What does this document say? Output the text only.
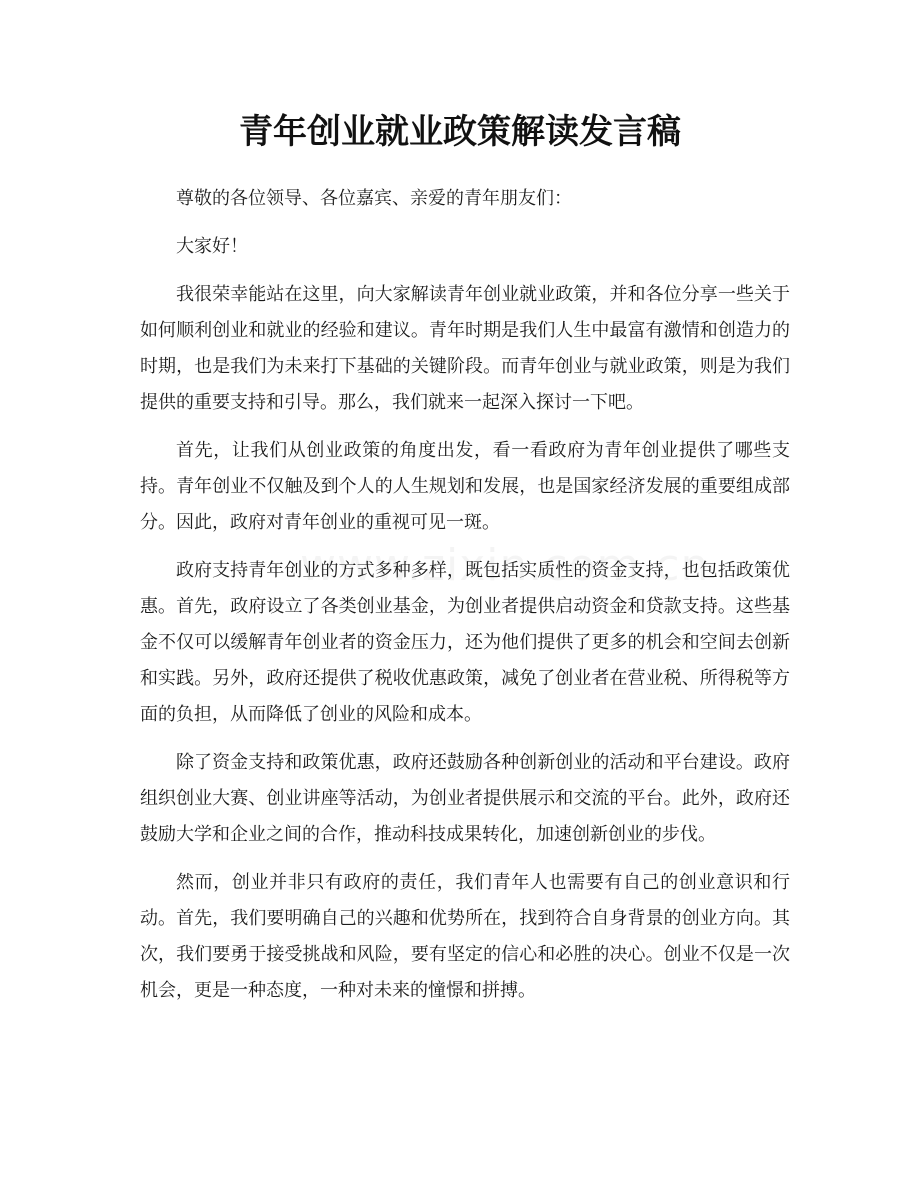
青年创业就业政策解读发言稿

尊敬的各位领导、各位嘉宾、亲爱的青年朋友们：

大家好！

我很荣幸能站在这里，向大家解读青年创业就业政策，并和各位分享一些关于如何顺利创业和就业的经验和建议。青年时期是我们人生中最富有激情和创造力的时期，也是我们为未来打下基础的关键阶段。而青年创业与就业政策，则是为我们提供的重要支持和引导。那么，我们就来一起深入探讨一下吧。

首先，让我们从创业政策的角度出发，看一看政府为青年创业提供了哪些支持。青年创业不仅触及到个人的人生规划和发展，也是国家经济发展的重要组成部分。因此，政府对青年创业的重视可见一斑。

政府支持青年创业的方式多种多样，既包括实质性的资金支持，也包括政策优惠。首先，政府设立了各类创业基金，为创业者提供启动资金和贷款支持。这些基金不仅可以缓解青年创业者的资金压力，还为他们提供了更多的机会和空间去创新和实践。另外，政府还提供了税收优惠政策，减免了创业者在营业税、所得税等方面的负担，从而降低了创业的风险和成本。

除了资金支持和政策优惠，政府还鼓励各种创新创业的活动和平台建设。政府组织创业大赛、创业讲座等活动，为创业者提供展示和交流的平台。此外，政府还鼓励大学和企业之间的合作，推动科技成果转化，加速创新创业的步伐。

然而，创业并非只有政府的责任，我们青年人也需要有自己的创业意识和行动。首先，我们要明确自己的兴趣和优势所在，找到符合自身背景的创业方向。其次，我们要勇于接受挑战和风险，要有坚定的信心和必胜的决心。创业不仅是一次机会，更是一种态度，一种对未来的憧憬和拼搏。
